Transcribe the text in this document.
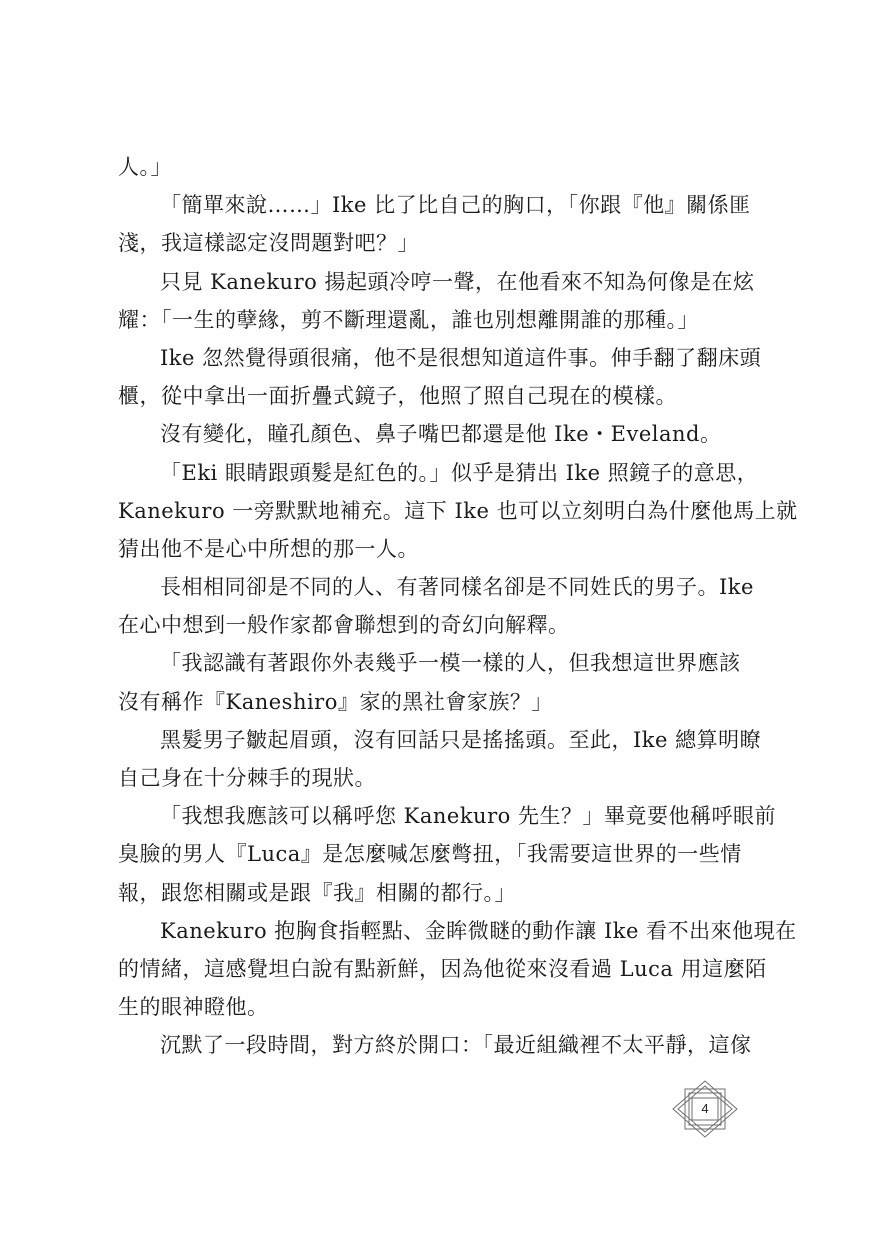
人。」
「簡單來說……」Ike 比了比自己的胸口，「你跟『他』關係匪
淺，我這樣認定沒問題對吧？」
只見 Kanekuro 揚起頭冷哼一聲，在他看來不知為何像是在炫
耀：「一生的孽緣，剪不斷理還亂，誰也別想離開誰的那種。」
Ike 忽然覺得頭很痛，他不是很想知道這件事。伸手翻了翻床頭
櫃，從中拿出一面折疊式鏡子，他照了照自己現在的模樣。
沒有變化，瞳孔顏色、鼻子嘴巴都還是他 Ike・Eveland。
「Eki 眼睛跟頭髮是紅色的。」似乎是猜出 Ike 照鏡子的意思，
Kanekuro 一旁默默地補充。這下 Ike 也可以立刻明白為什麼他馬上就
猜出他不是心中所想的那一人。
長相相同卻是不同的人、有著同樣名卻是不同姓氏的男子。Ike
在心中想到一般作家都會聯想到的奇幻向解釋。
「我認識有著跟你外表幾乎一模一樣的人，但我想這世界應該
沒有稱作『Kaneshiro』家的黑社會家族？」
黑髮男子皺起眉頭，沒有回話只是搖搖頭。至此，Ike 總算明瞭
自己身在十分棘手的現狀。
「我想我應該可以稱呼您 Kanekuro 先生？」畢竟要他稱呼眼前
臭臉的男人『Luca』是怎麼喊怎麼彆扭，「我需要這世界的一些情
報，跟您相關或是跟『我』相關的都行。」
Kanekuro 抱胸食指輕點、金眸微瞇的動作讓 Ike 看不出來他現在
的情緒，這感覺坦白說有點新鮮，因為他從來沒看過 Luca 用這麼陌
生的眼神瞪他。
沉默了一段時間，對方終於開口：「最近組織裡不太平靜，這傢
4
